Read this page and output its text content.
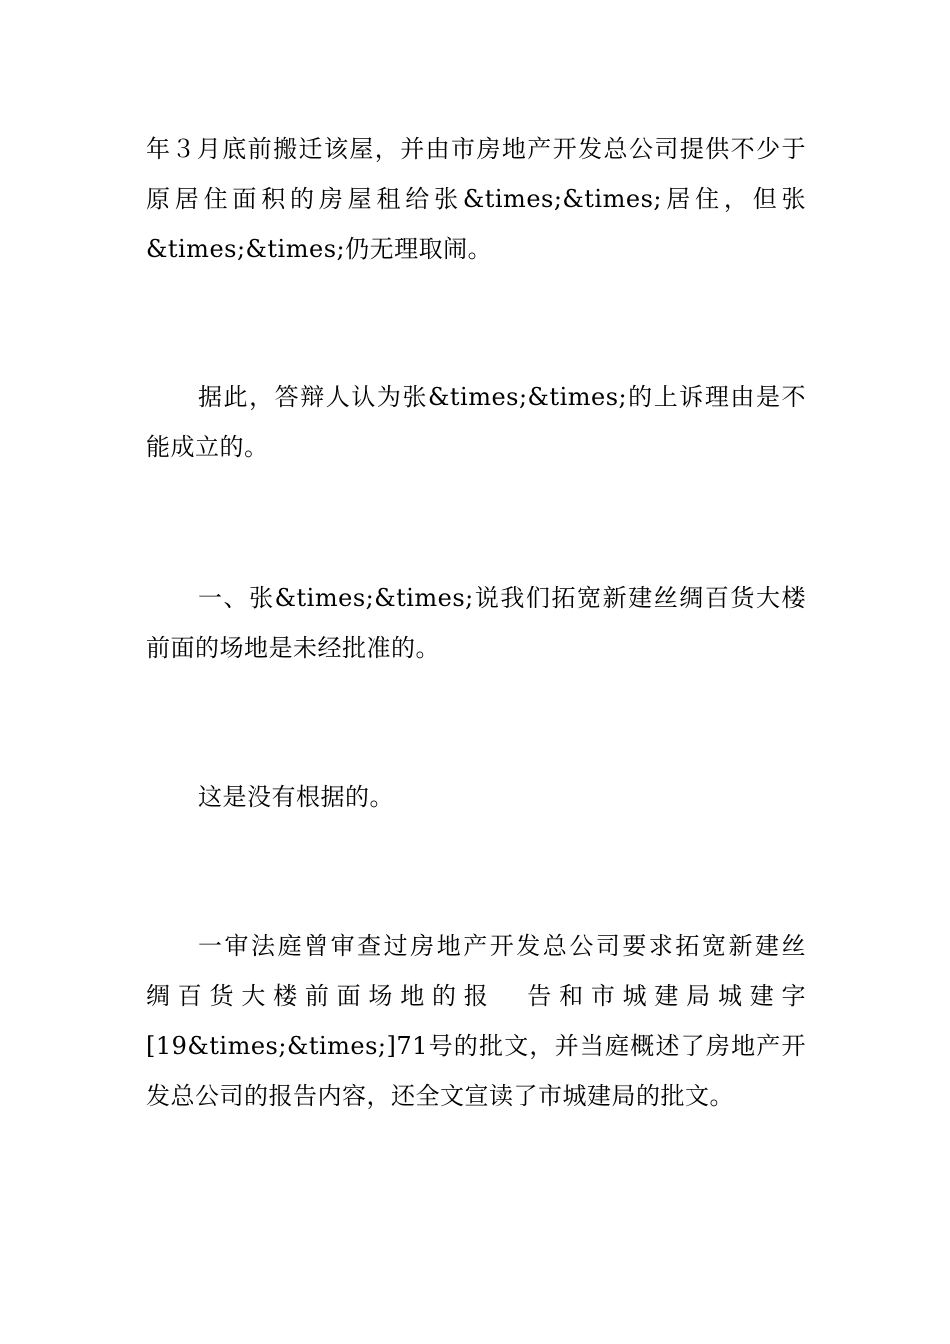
年３月底前搬迁该屋，并由市房地产开发总公司提供不少于
原居住面积的房屋租给张&times;&times;居住，但张
&times;&times;仍无理取闹。
据此，答辩人认为张&times;&times;的上诉理由是不
能成立的。
一、张&times;&times;说我们拓宽新建丝绸百货大楼
前面的场地是未经批准的。
这是没有根据的。
一审法庭曾审查过房地产开发总公司要求拓宽新建丝
绸百货大楼前面场地的报　告和市城建局城建字
[19&times;&times;]71号的批文，并当庭概述了房地产开
发总公司的报告内容，还全文宣读了市城建局的批文。
